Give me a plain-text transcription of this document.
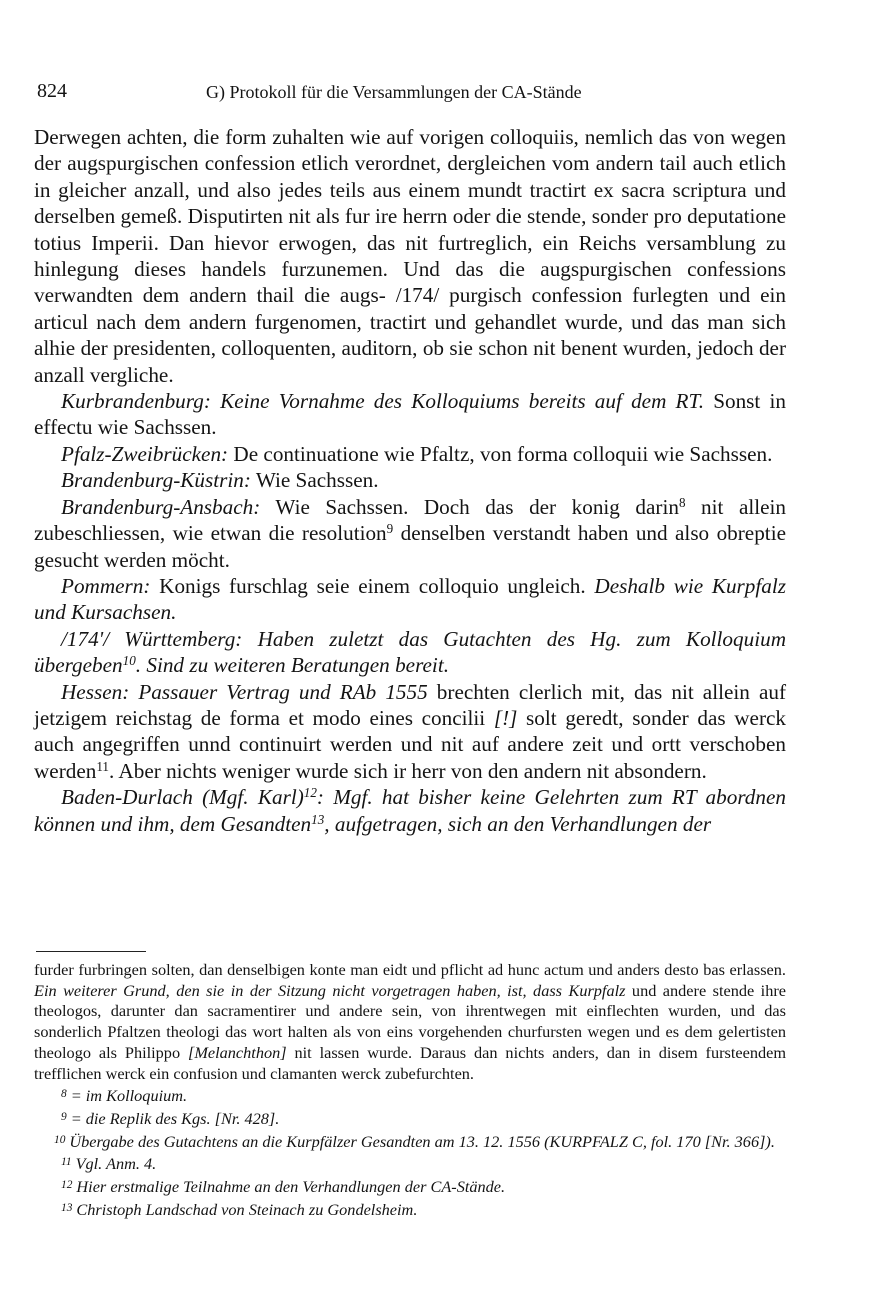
824	G) Protokoll für die Versammlungen der CA-Stände

Derwegen achten, die form zuhalten wie auf vorigen colloquiis, nemlich das von wegen der augspurgischen confession etlich verordnet, dergleichen vom andern tail auch etlich in gleicher anzall, und also jedes teils aus einem mundt tractirt ex sacra scriptura und derselben gemeß. Disputirten nit als fur ire herrn oder die stende, sonder pro deputatione totius Imperii. Dan hievor erwogen, das nit furtreglich, ein Reichs versamblung zu hinlegung dieses handels furzunemen. Und das die augspurgischen confessions verwandten dem andern thail die augs- /174/ purgisch confession furlegten und ein articul nach dem andern furgenomen, tractirt und gehandlet wurde, und das man sich alhie der presidenten, colloquenten, auditorn, ob sie schon nit benent wurden, jedoch der anzall vergliche.

Kurbrandenburg: Keine Vornahme des Kolloquiums bereits auf dem RT. Sonst in effectu wie Sachssen.

Pfalz-Zweibrücken: De continuatione wie Pfaltz, von forma colloquii wie Sachssen.

Brandenburg-Küstrin: Wie Sachssen.

Brandenburg-Ansbach: Wie Sachssen. Doch das der konig darin$^8$ nit allein zubeschliessen, wie etwan die resolution$^9$ denselben verstandt haben und also obreptie gesucht werden möcht.

Pommern: Konigs furschlag seie einem colloquio ungleich. Deshalb wie Kurpfalz und Kursachsen.

/174'/ Württemberg: Haben zuletzt das Gutachten des Hg. zum Kolloquium übergeben$^{10}$. Sind zu weiteren Beratungen bereit.

Hessen: Passauer Vertrag und RAb 1555 brechten clerlich mit, das nit allein auf jetzigem reichstag de forma et modo eines concilii [!] solt geredt, sonder das werck auch angegriffen unnd continuirt werden und nit auf andere zeit und ortt verschoben werden$^{11}$. Aber nichts weniger wurde sich ir herr von den andern nit absondern.

Baden-Durlach (Mgf. Karl)$^{12}$: Mgf. hat bisher keine Gelehrten zum RT abordnen können und ihm, dem Gesandten$^{13}$, aufgetragen, sich an den Verhandlungen der

furder furbringen solten, dan denselbigen konte man eidt und pflicht ad hunc actum und anders desto bas erlassen. Ein weiterer Grund, den sie in der Sitzung nicht vorgetragen haben, ist, dass Kurpfalz und andere stende ihre theologos, darunter dan sacramentirer und andere sein, von ihrentwegen mit einflechten wurden, und das sonderlich Pfaltzen theologi das wort halten als von eins vorgehenden churfursten wegen und es dem gelertisten theologo als Philippo [Melanchthon] nit lassen wurde. Daraus dan nichts anders, dan in disem fursteendem trefflichen werck ein confusion und clamanten werck zubefurchten.

$^8$ = im Kolloquium.

$^9$ = die Replik des Kgs. [Nr. 428].

$^{10}$ Übergabe des Gutachtens an die Kurpfälzer Gesandten am 13. 12. 1556 (KURPFALZ C, fol. 170 [Nr. 366]).

$^{11}$ Vgl. Anm. 4.

$^{12}$ Hier erstmalige Teilnahme an den Verhandlungen der CA-Stände.

$^{13}$ Christoph Landschad von Steinach zu Gondelsheim.
